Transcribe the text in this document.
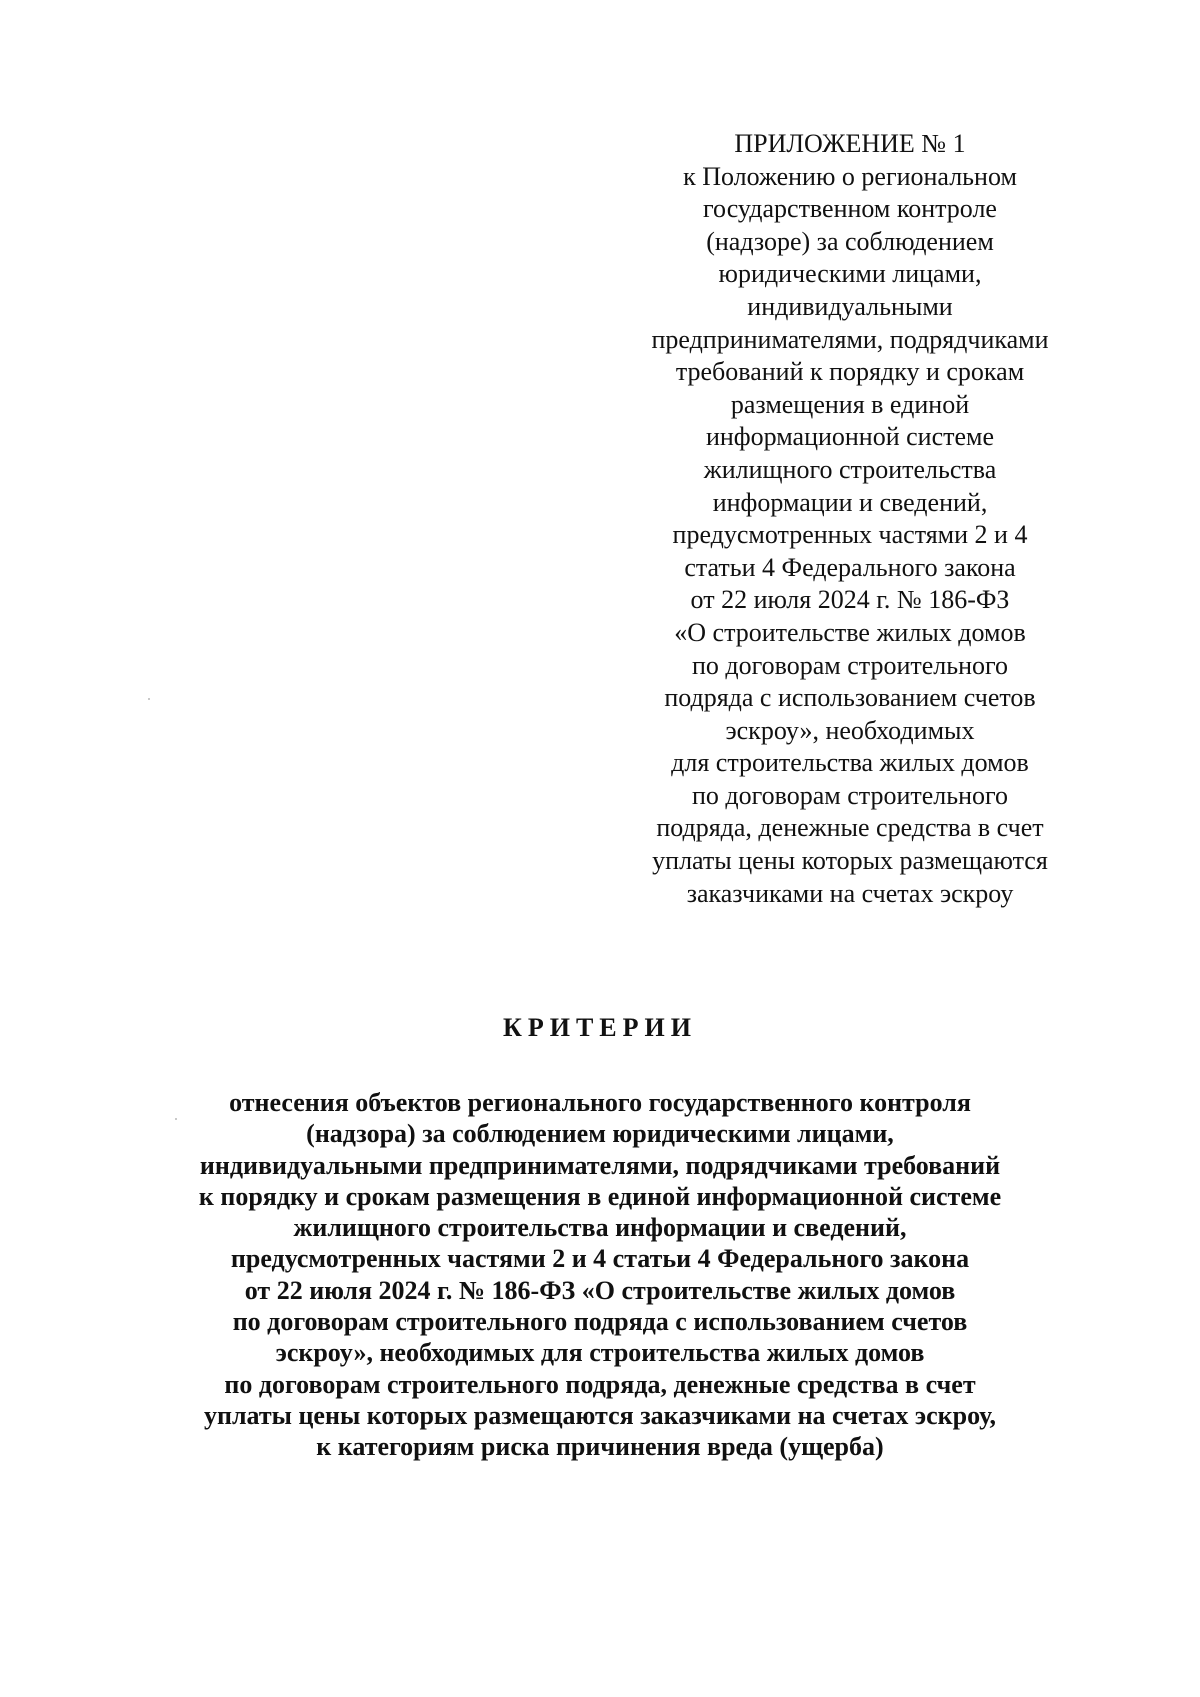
ПРИЛОЖЕНИЕ № 1
к Положению о региональном
государственном контроле
(надзоре) за соблюдением
юридическими лицами,
индивидуальными
предпринимателями, подрядчиками
требований к порядку и срокам
размещения в единой
информационной системе
жилищного строительства
информации и сведений,
предусмотренных частями 2 и 4
статьи 4 Федерального закона
от 22 июля 2024 г. № 186-ФЗ
«О строительстве жилых домов
по договорам строительного
подряда с использованием счетов
эскроу», необходимых
для строительства жилых домов
по договорам строительного
подряда, денежные средства в счет
уплаты цены которых размещаются
заказчиками на счетах эскроу
КРИТЕРИИ
отнесения объектов регионального государственного контроля
(надзора) за соблюдением юридическими лицами,
индивидуальными предпринимателями, подрядчиками требований
к порядку и срокам размещения в единой информационной системе
жилищного строительства информации и сведений,
предусмотренных частями 2 и 4 статьи 4 Федерального закона
от 22 июля 2024 г. № 186-ФЗ «О строительстве жилых домов
по договорам строительного подряда с использованием счетов
эскроу», необходимых для строительства жилых домов
по договорам строительного подряда, денежные средства в счет
уплаты цены которых размещаются заказчиками на счетах эскроу,
к категориям риска причинения вреда (ущерба)
